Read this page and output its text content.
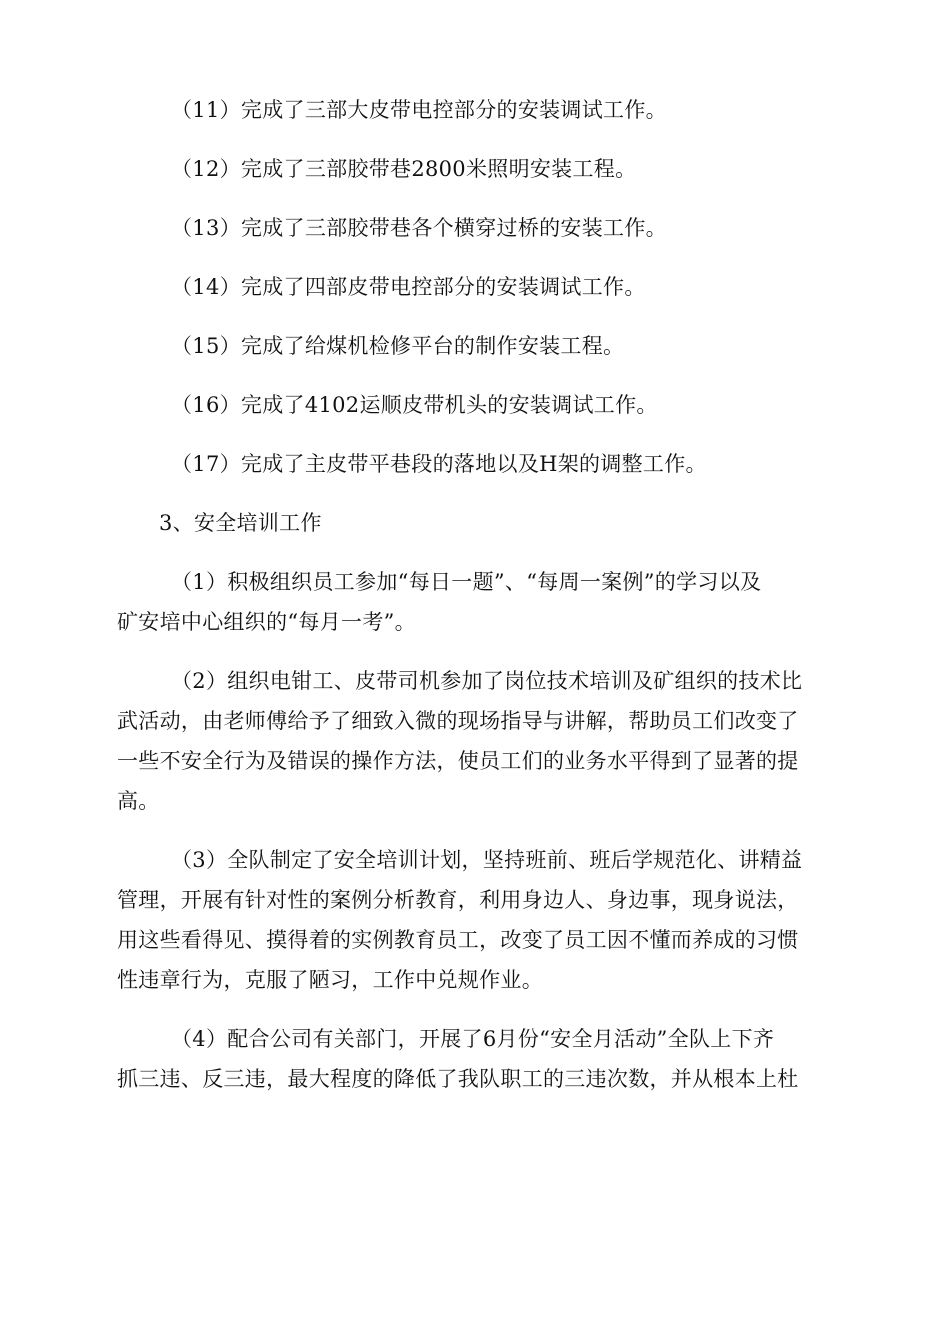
（11）完成了三部大皮带电控部分的安装调试工作。
（12）完成了三部胶带巷2800米照明安装工程。
（13）完成了三部胶带巷各个横穿过桥的安装工作。
（14）完成了四部皮带电控部分的安装调试工作。
（15）完成了给煤机检修平台的制作安装工程。
（16）完成了4102运顺皮带机头的安装调试工作。
（17）完成了主皮带平巷段的落地以及H架的调整工作。
3、安全培训工作
（1）积极组织员工参加“每日一题”、“每周一案例”的学习以及
矿安培中心组织的“每月一考”。
（2）组织电钳工、皮带司机参加了岗位技术培训及矿组织的技术比
武活动，由老师傅给予了细致入微的现场指导与讲解，帮助员工们改变了
一些不安全行为及错误的操作方法，使员工们的业务水平得到了显著的提
高。
（3）全队制定了安全培训计划，坚持班前、班后学规范化、讲精益
管理，开展有针对性的案例分析教育，利用身边人、身边事，现身说法，
用这些看得见、摸得着的实例教育员工，改变了员工因不懂而养成的习惯
性违章行为，克服了陋习，工作中兑规作业。
（4）配合公司有关部门，开展了6月份“安全月活动”全队上下齐
抓三违、反三违，最大程度的降低了我队职工的三违次数，并从根本上杜
